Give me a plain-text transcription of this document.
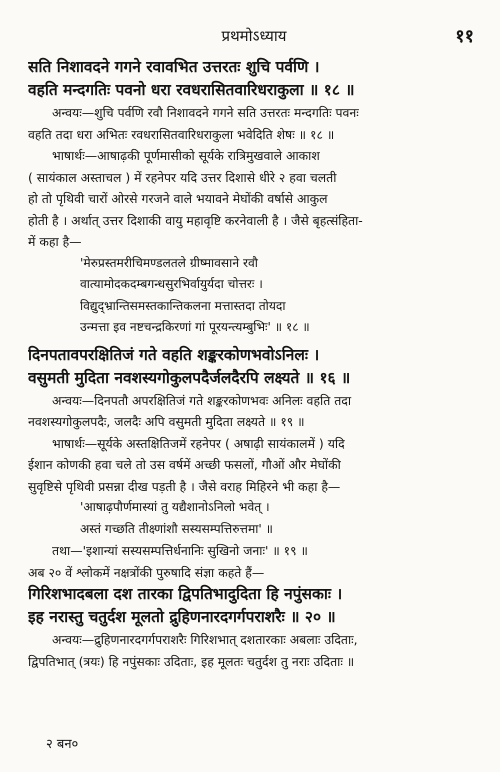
प्रथमोऽध्याय	११
सति निशावदने गगने रवावभित उत्तरतः शुचि पर्वणि ।
वहति मन्दगतिः पवनो धरा रवधरासितवारिधराकुला ॥ १८ ॥
अन्वयः—शुचि पर्वणि रवौ निशावदने गगने सति उत्तरतः मन्दगतिः पवनः
वहति तदा धरा अभितः रवधरासितवारिधराकुला भवेदिति शेषः ॥ १८ ॥
भाषार्थः—आषाढ़की पूर्णमासीको सूर्यके रात्रिमुखवाले आकाश
( सायंकाल अस्ताचल ) में रहनेपर यदि उत्तर दिशासे धीरे २ हवा चलती
हो तो पृथिवी चारों ओरसे गरजने वाले भयावने मेघोंकी वर्षासे आकुल
होती है । अर्थात् उत्तर दिशाकी वायु महावृष्टि करनेवाली है । जैसे बृहत्संहिता-
में कहा है—
'मेरुप्रस्तमरीचिमण्डलतले ग्रीष्मावसाने रवौ
वात्यामोदकदम्बगन्धसुरभिर्वायुर्यदा चोत्तरः ।
विद्युद्भ्रान्तिसमस्तकान्तिकलना मत्तास्तदा तोयदा
उन्मत्ता इव नष्टचन्द्रकिरणां गां पूरयन्त्यम्बुभिः' ॥ १८ ॥
दिनपतावपरक्षितिजं गते वहति शङ्करकोणभवोऽनिलः ।
वसुमती मुदिता नवशस्यगोकुलपदैर्जलदैरपि लक्ष्यते ॥ १६ ॥
अन्वयः—दिनपतौ अपरक्षितिजं गते शङ्करकोणभवः अनिलः वहति तदा
नवशस्यगोकुलपदैः, जलदैः अपि वसुमती मुदिता लक्ष्यते ॥ १९ ॥
भाषार्थः—सूर्यके अस्तक्षितिजमें रहनेपर ( अषाढ़ी सायंकालमें ) यदि
ईशान कोणकी हवा चले तो उस वर्षमें अच्छी फसलों, गौओं और मेघोंकी
सुवृष्टिसे पृथिवी प्रसन्ना दीख पड़ती है । जैसे वराह मिहिरने भी कहा है—
'आषाढ़पौर्णमास्यां तु यद्यैशानोऽनिलो भवेत् ।
अस्तं गच्छति तीक्ष्णांशौ सस्यसम्पत्तिरुत्तमा' ॥
तथा—'इशान्यां सस्यसम्पत्तिर्धनानिः सुखिनो जनाः' ॥ १९ ॥
अब २० वें श्लोकमें नक्षत्रोंकी पुरुषादि संज्ञा कहते हैं—
गिरिशभादबला दश तारका द्विपतिभादुदिता हि नपुंसकाः ।
इह नरास्तु चतुर्दश मूलतो द्रुहिणनारदगर्गपराशरैः ॥ २० ॥
अन्वयः—द्रुहिणनारदगर्गपराशरैः गिरिशभात् दशतारकाः अबलाः उदिताः,
द्विपतिभात् (त्रयः) हि नपुंसकाः उदिताः, इह मूलतः चतुर्दश तु नराः उदिताः ॥
२ बन०
